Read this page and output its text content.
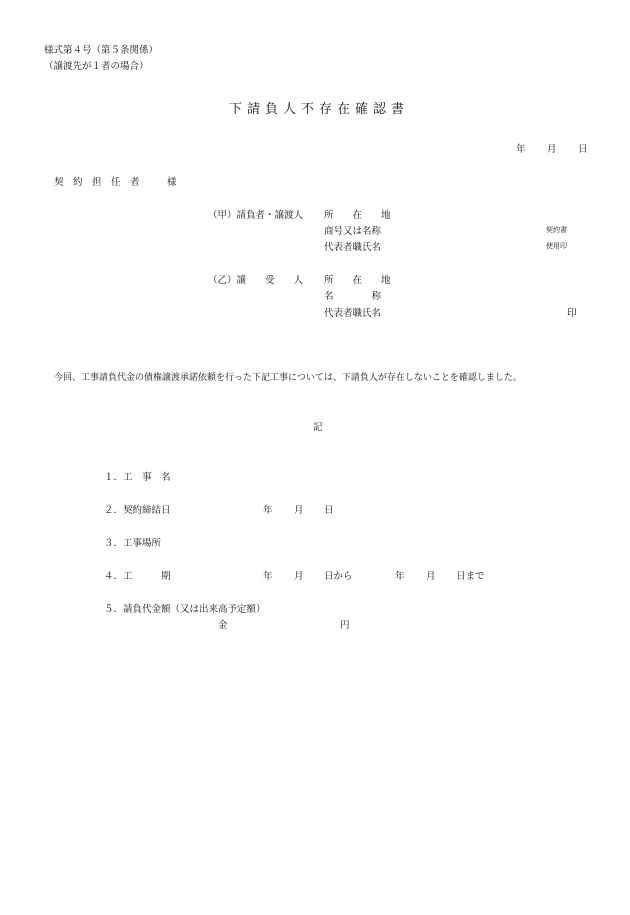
様式第４号（第５条関係）
（譲渡先が１者の場合）
下請負人不存在確認書
年 月 日
契　約　担　任　者	様
（甲）請負者・譲渡人 所　　在　　地
商号又は名称	契約書
代表者職氏名	使用印
（乙）譲　　受　　人 所　　在　　地
名　　　　称
代表者職氏名	印
今回、工事請負代金の債権譲渡承諾依頼を行った下記工事については、下請負人が存在しないことを確認しました。
記
１．工　事　名
２．契約締結日	年 月 日
３．工事場所
４．工　　　期	年 月 日から	年 月 日まで
５．請負代金額（又は出来高予定額）
金	円
